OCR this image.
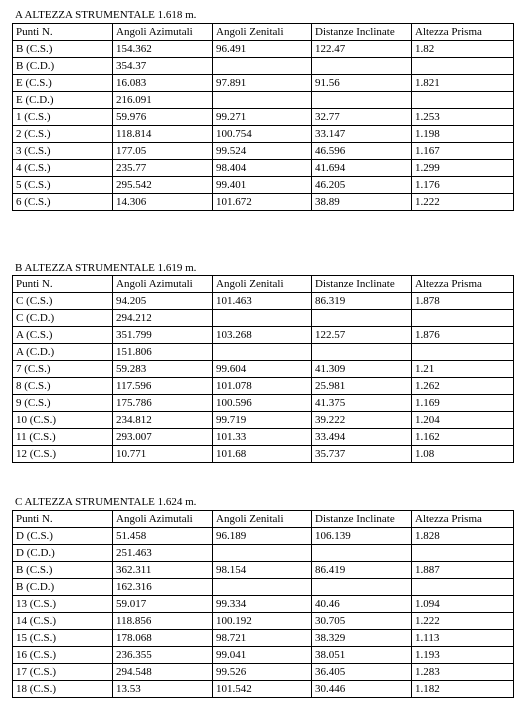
A ALTEZZA STRUMENTALE 1.618 m.
Punti N.	Angoli Azimutali	Angoli Zenitali	Distanze Inclinate	Altezza Prisma
B (C.S.)	154.362	96.491	122.47	1.82
B (C.D.)	354.37			
E (C.S.)	16.083	97.891	91.56	1.821
E (C.D.)	216.091			
1 (C.S.)	59.976	99.271	32.77	1.253
2 (C.S.)	118.814	100.754	33.147	1.198
3 (C.S.)	177.05	99.524	46.596	1.167
4 (C.S.)	235.77	98.404	41.694	1.299
5 (C.S.)	295.542	99.401	46.205	1.176
6 (C.S.)	14.306	101.672	38.89	1.222
B ALTEZZA STRUMENTALE 1.619 m.
Punti N.	Angoli Azimutali	Angoli Zenitali	Distanze Inclinate	Altezza Prisma
C (C.S.)	94.205	101.463	86.319	1.878
C (C.D.)	294.212			
A (C.S.)	351.799	103.268	122.57	1.876
A (C.D.)	151.806			
7 (C.S.)	59.283	99.604	41.309	1.21
8 (C.S.)	117.596	101.078	25.981	1.262
9 (C.S.)	175.786	100.596	41.375	1.169
10 (C.S.)	234.812	99.719	39.222	1.204
11 (C.S.)	293.007	101.33	33.494	1.162
12 (C.S.)	10.771	101.68	35.737	1.08
C ALTEZZA STRUMENTALE 1.624 m.
Punti N.	Angoli Azimutali	Angoli Zenitali	Distanze Inclinate	Altezza Prisma
D (C.S.)	51.458	96.189	106.139	1.828
D (C.D.)	251.463			
B (C.S.)	362.311	98.154	86.419	1.887
B (C.D.)	162.316			
13 (C.S.)	59.017	99.334	40.46	1.094
14 (C.S.)	118.856	100.192	30.705	1.222
15 (C.S.)	178.068	98.721	38.329	1.113
16 (C.S.)	236.355	99.041	38.051	1.193
17 (C.S.)	294.548	99.526	36.405	1.283
18 (C.S.)	13.53	101.542	30.446	1.182
